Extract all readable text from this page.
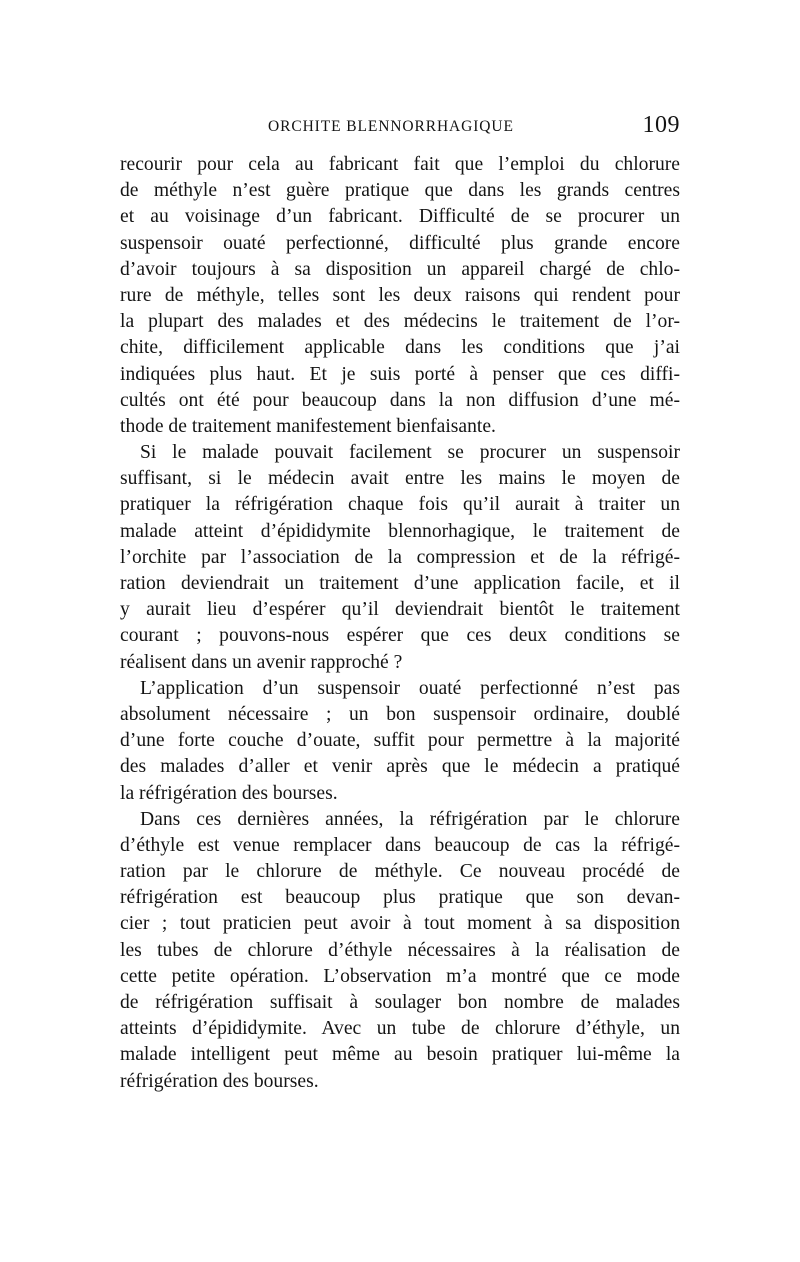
ORCHITE BLENNORRHAGIQUE	109
recourir pour cela au fabricant fait que l’emploi du chlorure
de méthyle n’est guère pratique que dans les grands centres
et au voisinage d’un fabricant. Difficulté de se procurer un
suspensoir ouaté perfectionné, difficulté plus grande encore
d’avoir toujours à sa disposition un appareil chargé de chlo-
rure de méthyle, telles sont les deux raisons qui rendent pour
la plupart des malades et des médecins le traitement de l’or-
chite, difficilement applicable dans les conditions que j’ai
indiquées plus haut. Et je suis porté à penser que ces diffi-
cultés ont été pour beaucoup dans la non diffusion d’une mé-
thode de traitement manifestement bienfaisante.
Si le malade pouvait facilement se procurer un suspensoir
suffisant, si le médecin avait entre les mains le moyen de
pratiquer la réfrigération chaque fois qu’il aurait à traiter un
malade atteint d’épididymite blennorhagique, le traitement de
l’orchite par l’association de la compression et de la réfrigé-
ration deviendrait un traitement d’une application facile, et il
y aurait lieu d’espérer qu’il deviendrait bientôt le traitement
courant ; pouvons-nous espérer que ces deux conditions se
réalisent dans un avenir rapproché ?
L’application d’un suspensoir ouaté perfectionné n’est pas
absolument nécessaire ; un bon suspensoir ordinaire, doublé
d’une forte couche d’ouate, suffit pour permettre à la majorité
des malades d’aller et venir après que le médecin a pratiqué
la réfrigération des bourses.
Dans ces dernières années, la réfrigération par le chlorure
d’éthyle est venue remplacer dans beaucoup de cas la réfrigé-
ration par le chlorure de méthyle. Ce nouveau procédé de
réfrigération est beaucoup plus pratique que son devan-
cier ; tout praticien peut avoir à tout moment à sa disposition
les tubes de chlorure d’éthyle nécessaires à la réalisation de
cette petite opération. L’observation m’a montré que ce mode
de réfrigération suffisait à soulager bon nombre de malades
atteints d’épididymite. Avec un tube de chlorure d’éthyle, un
malade intelligent peut même au besoin pratiquer lui-même la
réfrigération des bourses.
